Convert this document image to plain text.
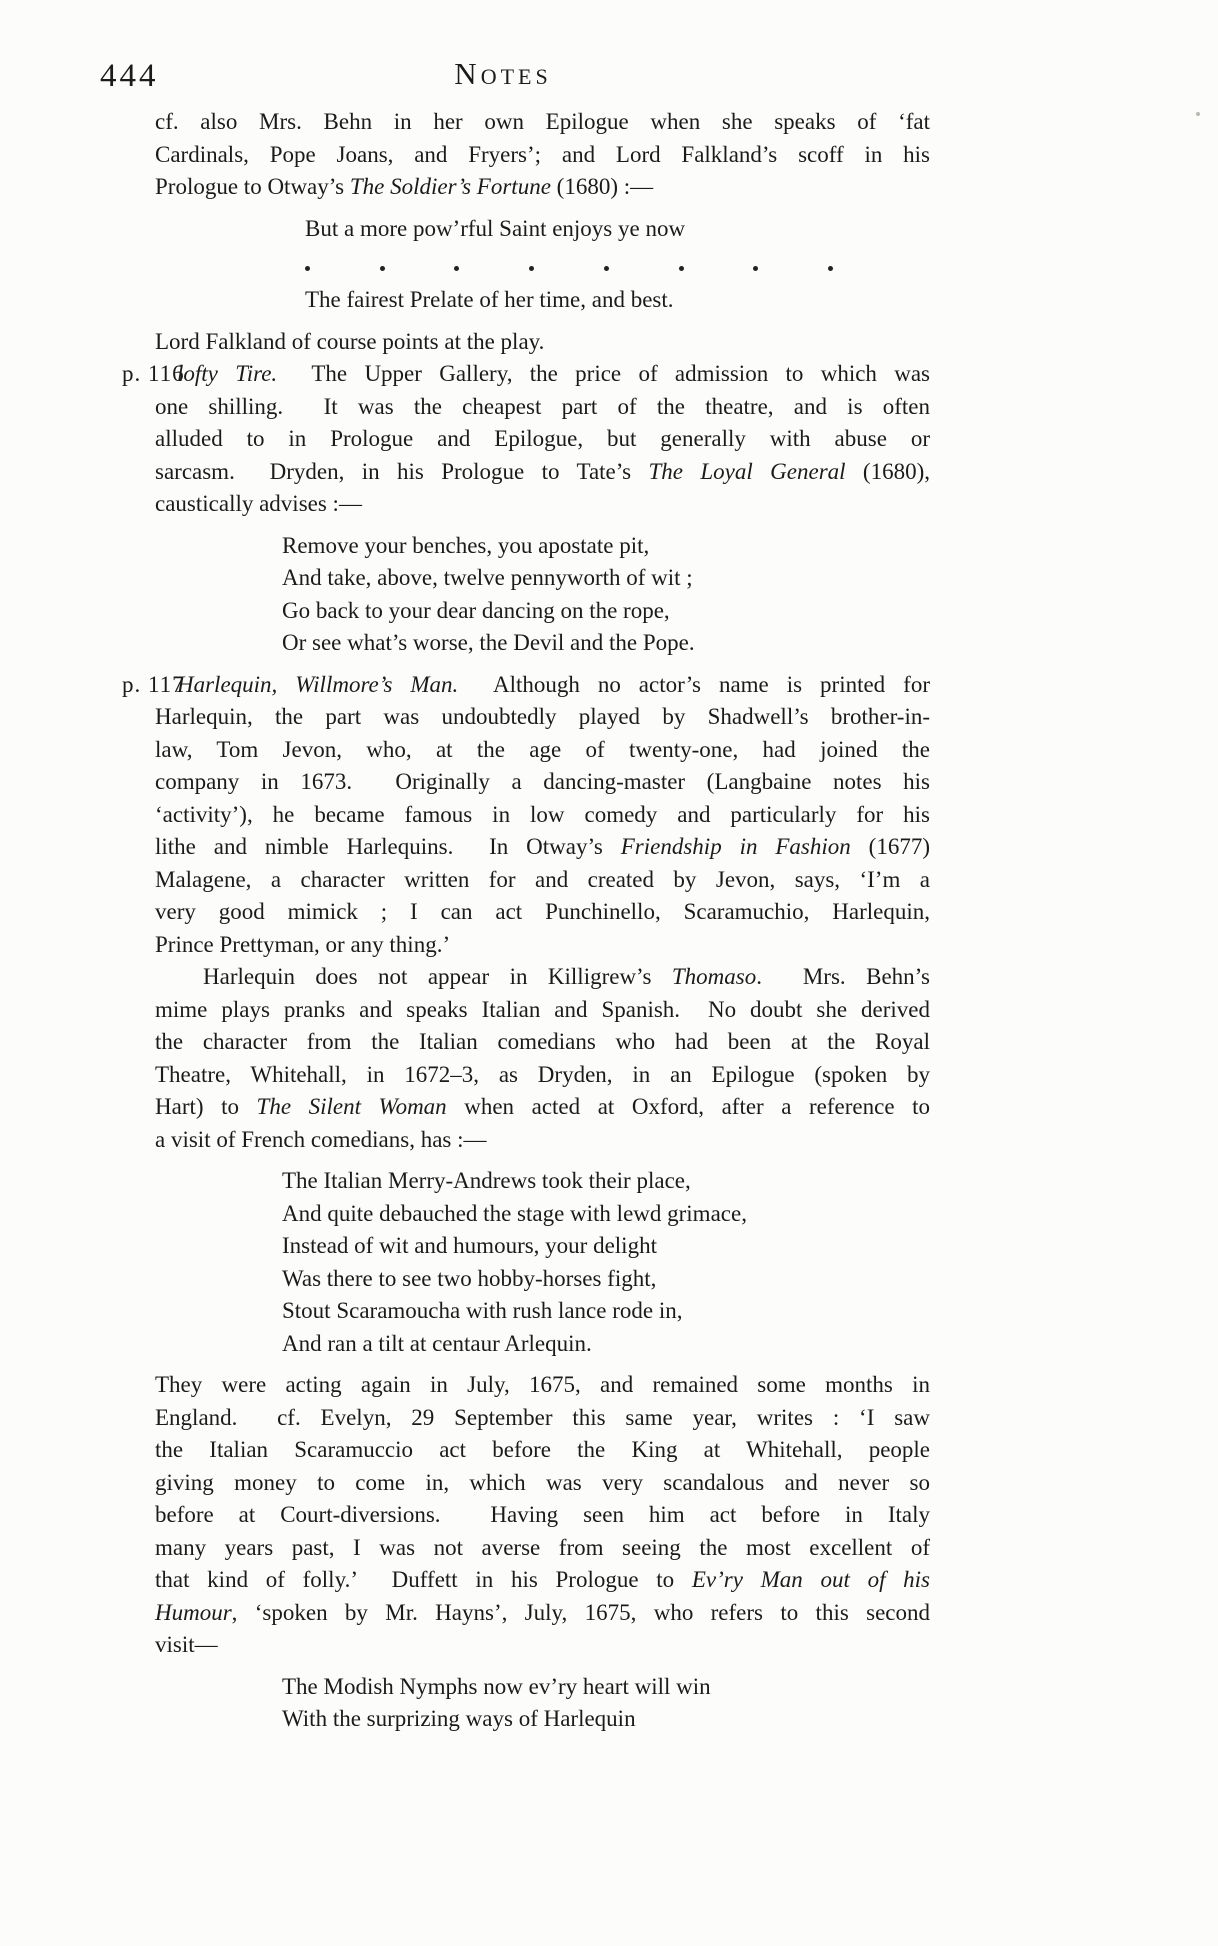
444	Notes
cf. also Mrs. Behn in her own Epilogue when she speaks of ‘fat
Cardinals, Pope Joans, and Fryers’; and Lord Falkland’s scoff in his
Prologue to Otway’s The Soldier’s Fortune (1680) :—
But a more pow’rful Saint enjoys ye now
The fairest Prelate of her time, and best.
Lord Falkland of course points at the play.
p. 116
lofty Tire.  The Upper Gallery, the price of admission to which was
one shilling.  It was the cheapest part of the theatre, and is often
alluded to in Prologue and Epilogue, but generally with abuse or
sarcasm.  Dryden, in his Prologue to Tate’s The Loyal General (1680),
caustically advises :—
Remove your benches, you apostate pit,
And take, above, twelve pennyworth of wit ;
Go back to your dear dancing on the rope,
Or see what’s worse, the Devil and the Pope.
p. 117
Harlequin, Willmore’s Man.  Although no actor’s name is printed for
Harlequin, the part was undoubtedly played by Shadwell’s brother-in-
law, Tom Jevon, who, at the age of twenty-one, had joined the
company in 1673.  Originally a dancing-master (Langbaine notes his
‘activity’), he became famous in low comedy and particularly for his
lithe and nimble Harlequins.  In Otway’s Friendship in Fashion (1677)
Malagene, a character written for and created by Jevon, says, ‘I’m a
very good mimick ; I can act Punchinello, Scaramuchio, Harlequin,
Prince Prettyman, or any thing.’
Harlequin does not appear in Killigrew’s Thomaso.  Mrs. Behn’s
mime plays pranks and speaks Italian and Spanish.  No doubt she derived
the character from the Italian comedians who had been at the Royal
Theatre, Whitehall, in 1672–3, as Dryden, in an Epilogue (spoken by
Hart) to The Silent Woman when acted at Oxford, after a reference to
a visit of French comedians, has :—
The Italian Merry-Andrews took their place,
And quite debauched the stage with lewd grimace,
Instead of wit and humours, your delight
Was there to see two hobby-horses fight,
Stout Scaramoucha with rush lance rode in,
And ran a tilt at centaur Arlequin.
They were acting again in July, 1675, and remained some months in
England.  cf. Evelyn, 29 September this same year, writes : ‘I saw
the Italian Scaramuccio act before the King at Whitehall, people
giving money to come in, which was very scandalous and never so
before at Court-diversions.  Having seen him act before in Italy
many years past, I was not averse from seeing the most excellent of
that kind of folly.’  Duffett in his Prologue to Ev’ry Man out of his
Humour, ‘spoken by Mr. Hayns’, July, 1675, who refers to this second
visit—
The Modish Nymphs now ev’ry heart will win
With the surprizing ways of Harlequin
